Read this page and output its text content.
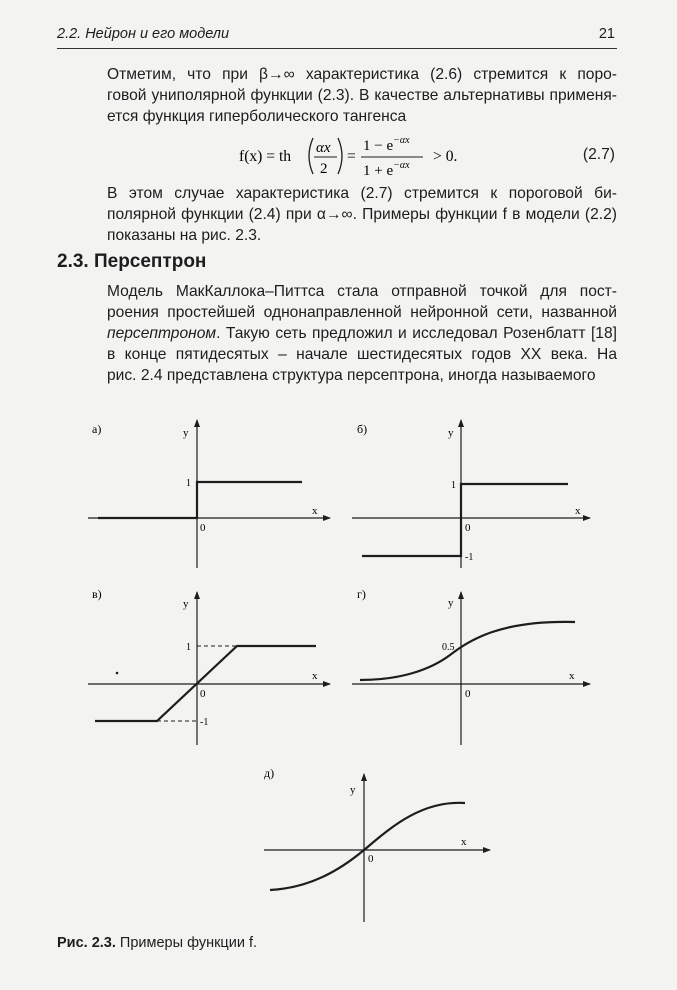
2.2. Нейрон и его модели	21

Отметим, что при β→∞ характеристика (2.6) стремится к поро-
говой униполярной функции (2.3). В качестве альтернативы применя-
ется функция гиперболического тангенса

f(x) = th αx
2
=
$1 - e^{-\alpha x}$
$1 + e^{-\alpha x}$
> 0.	(2.7)

В этом случае характеристика (2.7) стремится к пороговой би-
полярной функции (2.4) при α→∞. Примеры функции f в модели (2.2)
показаны на рис. 2.3.

2.3. Персептрон

Модель МакКаллока–Питтса стала отправной точкой для пост-
роения простейшей однонаправленной нейронной сети, названной
персептроном. Такую сеть предложил и исследовал Розенблатт [18]
в конце пятидесятых – начале шестидесятых годов XX века. На
рис. 2.4 представлена структура персептрона, иногда называемого

а)	y
x
0
1
б)	y
x
0
1
-1
в)
y
x
0
1
-1
г)
y
x
0
0.5
д)
y
x
0
Рис. 2.3. Примеры функции f.
